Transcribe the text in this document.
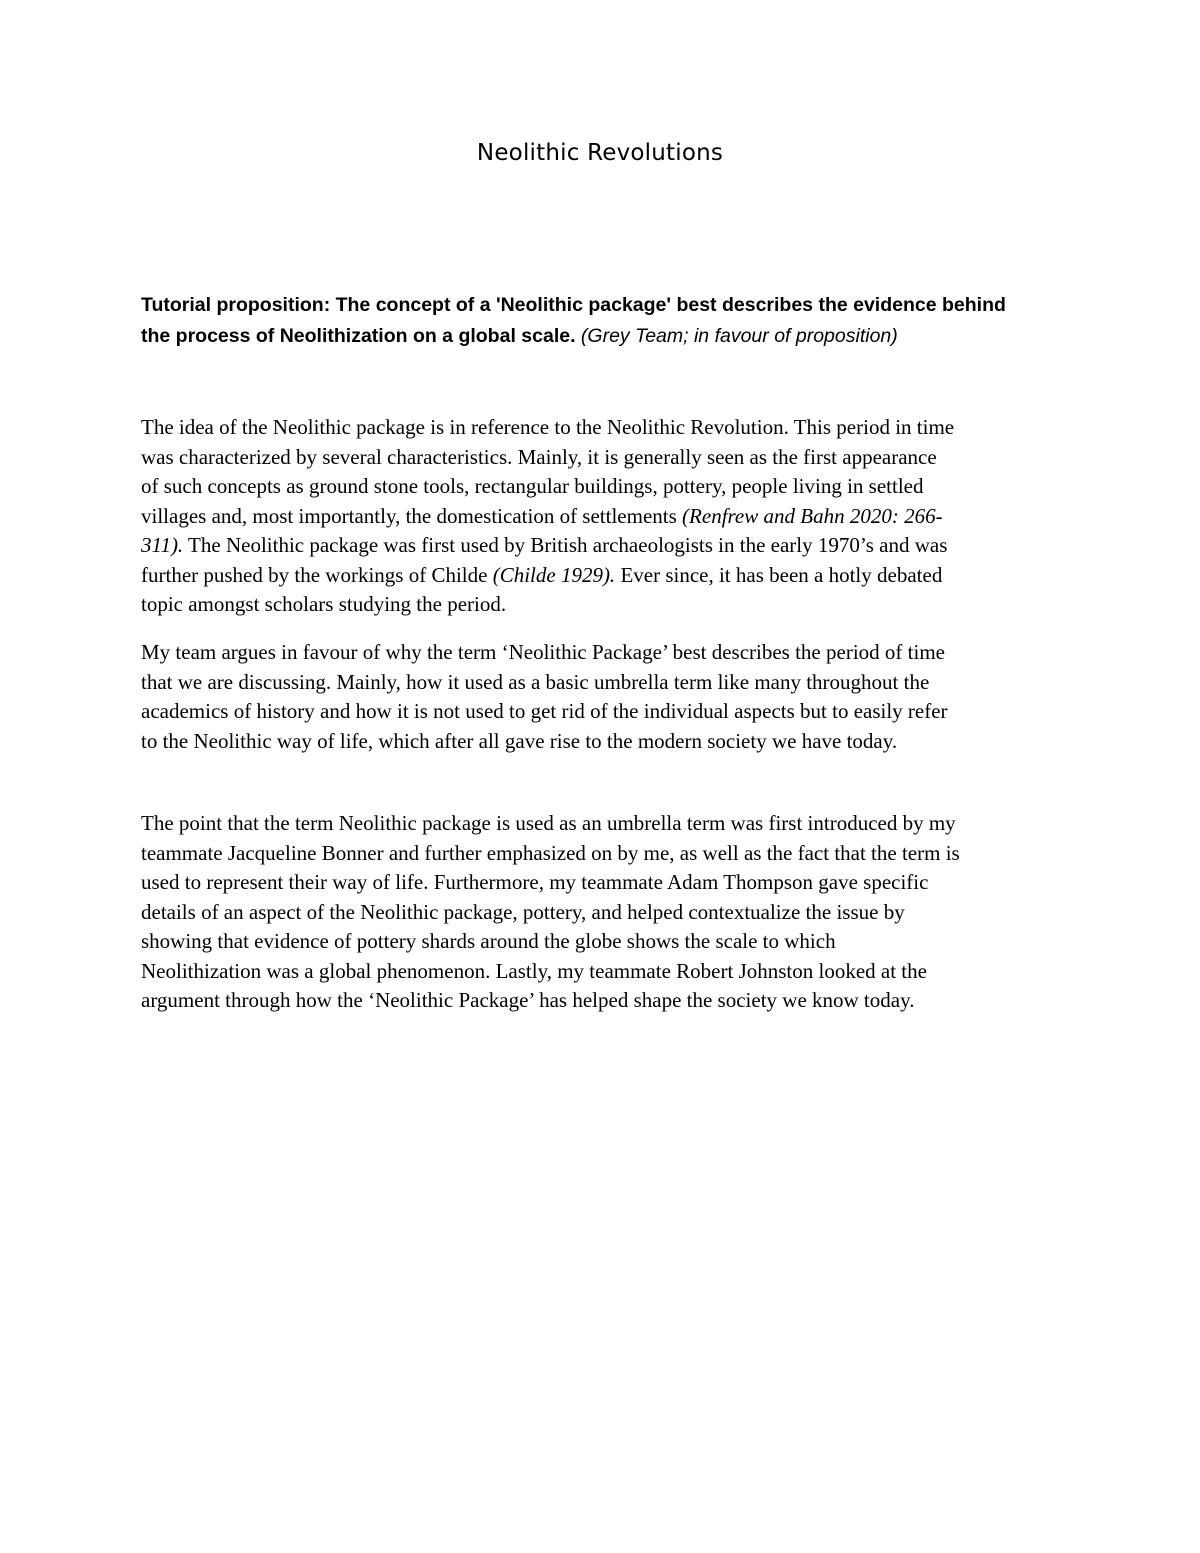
Neolithic Revolutions
Tutorial proposition: The concept of a 'Neolithic package' best describes the evidence behind
the process of Neolithization on a global scale. (Grey Team; in favour of proposition)
The idea of the Neolithic package is in reference to the Neolithic Revolution. This period in time
was characterized by several characteristics. Mainly, it is generally seen as the first appearance
of such concepts as ground stone tools, rectangular buildings, pottery, people living in settled
villages and, most importantly, the domestication of settlements (Renfrew and Bahn 2020: 266-
311). The Neolithic package was first used by British archaeologists in the early 1970’s and was
further pushed by the workings of Childe (Childe 1929). Ever since, it has been a hotly debated
topic amongst scholars studying the period.
My team argues in favour of why the term ‘Neolithic Package’ best describes the period of time
that we are discussing. Mainly, how it used as a basic umbrella term like many throughout the
academics of history and how it is not used to get rid of the individual aspects but to easily refer
to the Neolithic way of life, which after all gave rise to the modern society we have today.
The point that the term Neolithic package is used as an umbrella term was first introduced by my
teammate Jacqueline Bonner and further emphasized on by me, as well as the fact that the term is
used to represent their way of life. Furthermore, my teammate Adam Thompson gave specific
details of an aspect of the Neolithic package, pottery, and helped contextualize the issue by
showing that evidence of pottery shards around the globe shows the scale to which
Neolithization was a global phenomenon. Lastly, my teammate Robert Johnston looked at the
argument through how the ‘Neolithic Package’ has helped shape the society we know today.
